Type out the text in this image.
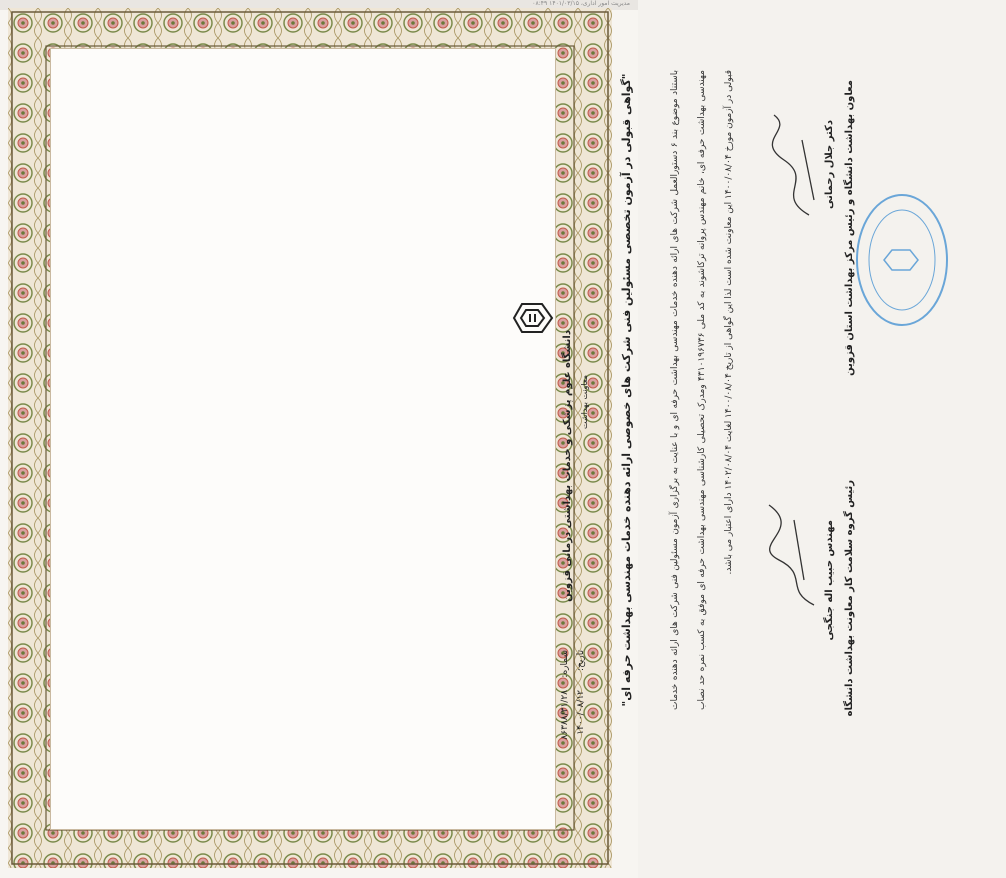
مدیریت امور اداری، ۱۴۰۱/۰۳/۱۵ ۰۸:۴۹
دانشگاه علوم پزشکی و خدمات بهداشتی درمانی قزوین معاونت بهداشت
شماره:
۸۶۳۸۸/۳۱/۲۸
تاریخ:
۱۴۰۰/۰۸/۱۲
"گواهی قبولی در آزمون تخصصی مسئولین فنی شرکت های خصوصی ارائه دهنده خدمات مهندسی بهداشت حرفه ای"	باستناد موضوع بند ۶ دستورالعمل شرکت های ارائه دهنده خدمات مهندسی بهداشت حرفه ای و با عنایت به برگزاری آزمون مسئولین فنی شرکت های ارائه دهنده خدمات مهندسی بهداشت حرفه ای، خانم مهندس پروانه ترکاشوند به کد ملی ۴۳۱۰۱۹۶۷۳۶ ومدرک تحصیلی کارشناسی مهندسی بهداشت حرفه ای موفق به کسب نمره حد نصاب قبولی در آزمون مورخ ۱۴۰۰/۰۸/۰۴ این معاونت شده است لذا این گواهی از تاریخ ۱۴۰۰/۰۸/۰۴ لغایت ۱۴۰۲/۰۸/۰۴ دارای اعتبار می باشد.
مهندس حبیب اله جنگجی رئیس گروه سلامت کار معاونت بهداشت دانشگاه
دکتر جلال رحمانی معاون بهداشت دانشگاه و رئیس مرکز بهداشت استان قزوین
